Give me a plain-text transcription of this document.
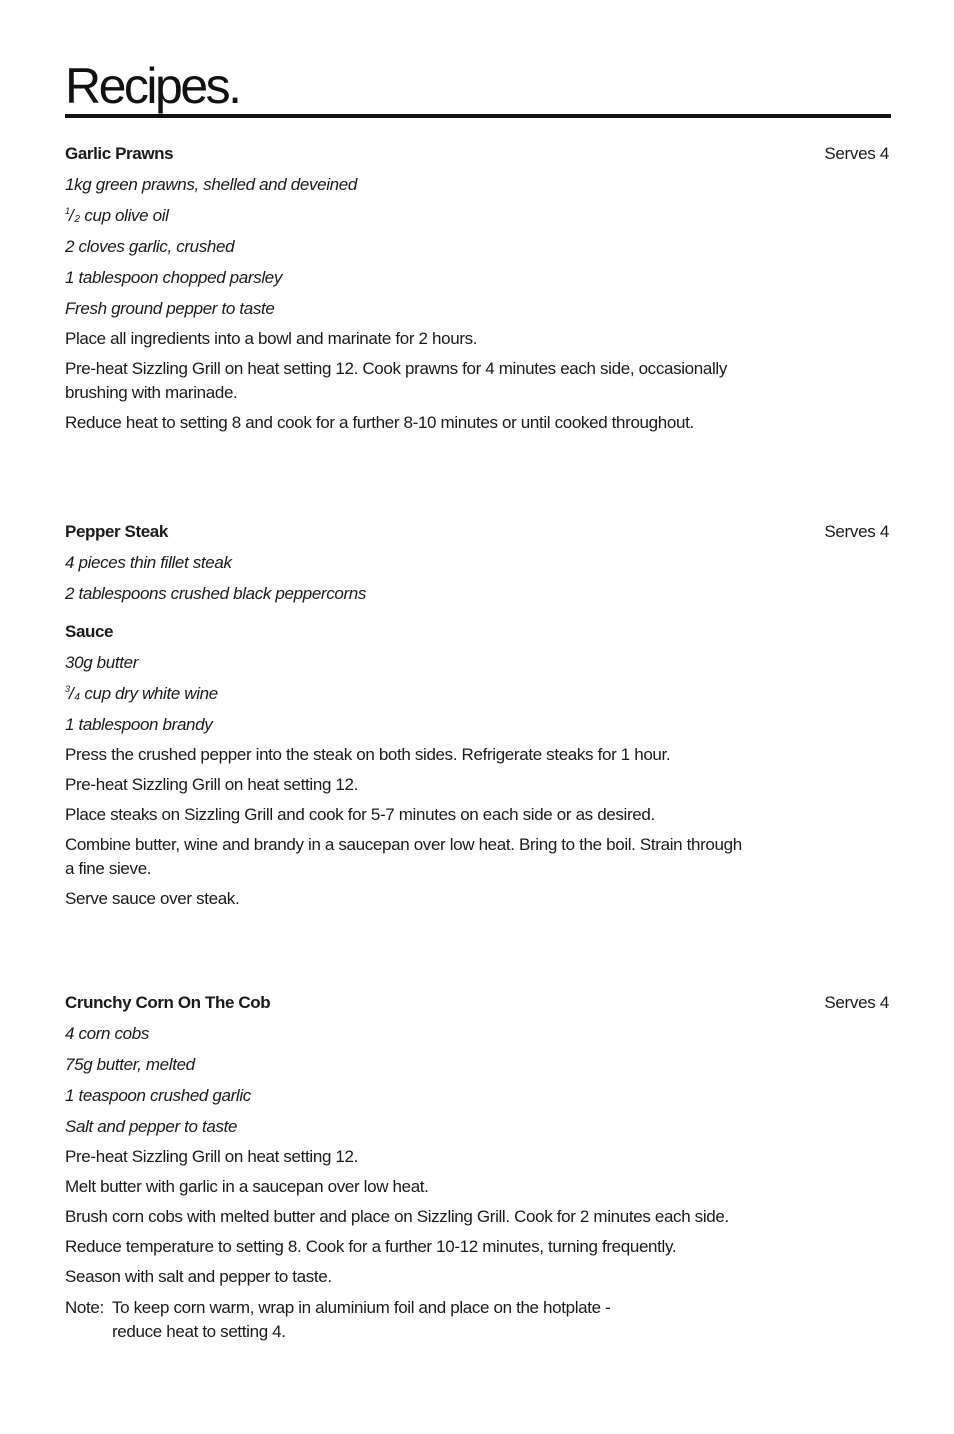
Recipes.
Garlic Prawns	Serves 4
1kg green prawns, shelled and deveined
$^1/_2$ cup olive oil
2 cloves garlic, crushed
1 tablespoon chopped parsley
Fresh ground pepper to taste
Place all ingredients into a bowl and marinate for 2 hours.
Pre-heat Sizzling Grill on heat setting 12. Cook prawns for 4 minutes each side, occasionally brushing with marinade.
Reduce heat to setting 8 and cook for a further 8-10 minutes or until cooked throughout.
Pepper Steak	Serves 4
4 pieces thin fillet steak
2 tablespoons crushed black peppercorns
Sauce
30g butter
$^3/_4$ cup dry white wine
1 tablespoon brandy
Press the crushed pepper into the steak on both sides. Refrigerate steaks for 1 hour.
Pre-heat Sizzling Grill on heat setting 12.
Place steaks on Sizzling Grill and cook for 5-7 minutes on each side or as desired.
Combine butter, wine and brandy in a saucepan over low heat. Bring to the boil. Strain through a fine sieve.
Serve sauce over steak.
Crunchy Corn On The Cob	Serves 4
4 corn cobs
75g butter, melted
1 teaspoon crushed garlic
Salt and pepper to taste
Pre-heat Sizzling Grill on heat setting 12.
Melt butter with garlic in a saucepan over low heat.
Brush corn cobs with melted butter and place on Sizzling Grill. Cook for 2 minutes each side.
Reduce temperature to setting 8. Cook for a further 10-12 minutes, turning frequently.
Season with salt and pepper to taste.
Note: To keep corn warm, wrap in aluminium foil and place on the hotplate - reduce heat to setting 4.
